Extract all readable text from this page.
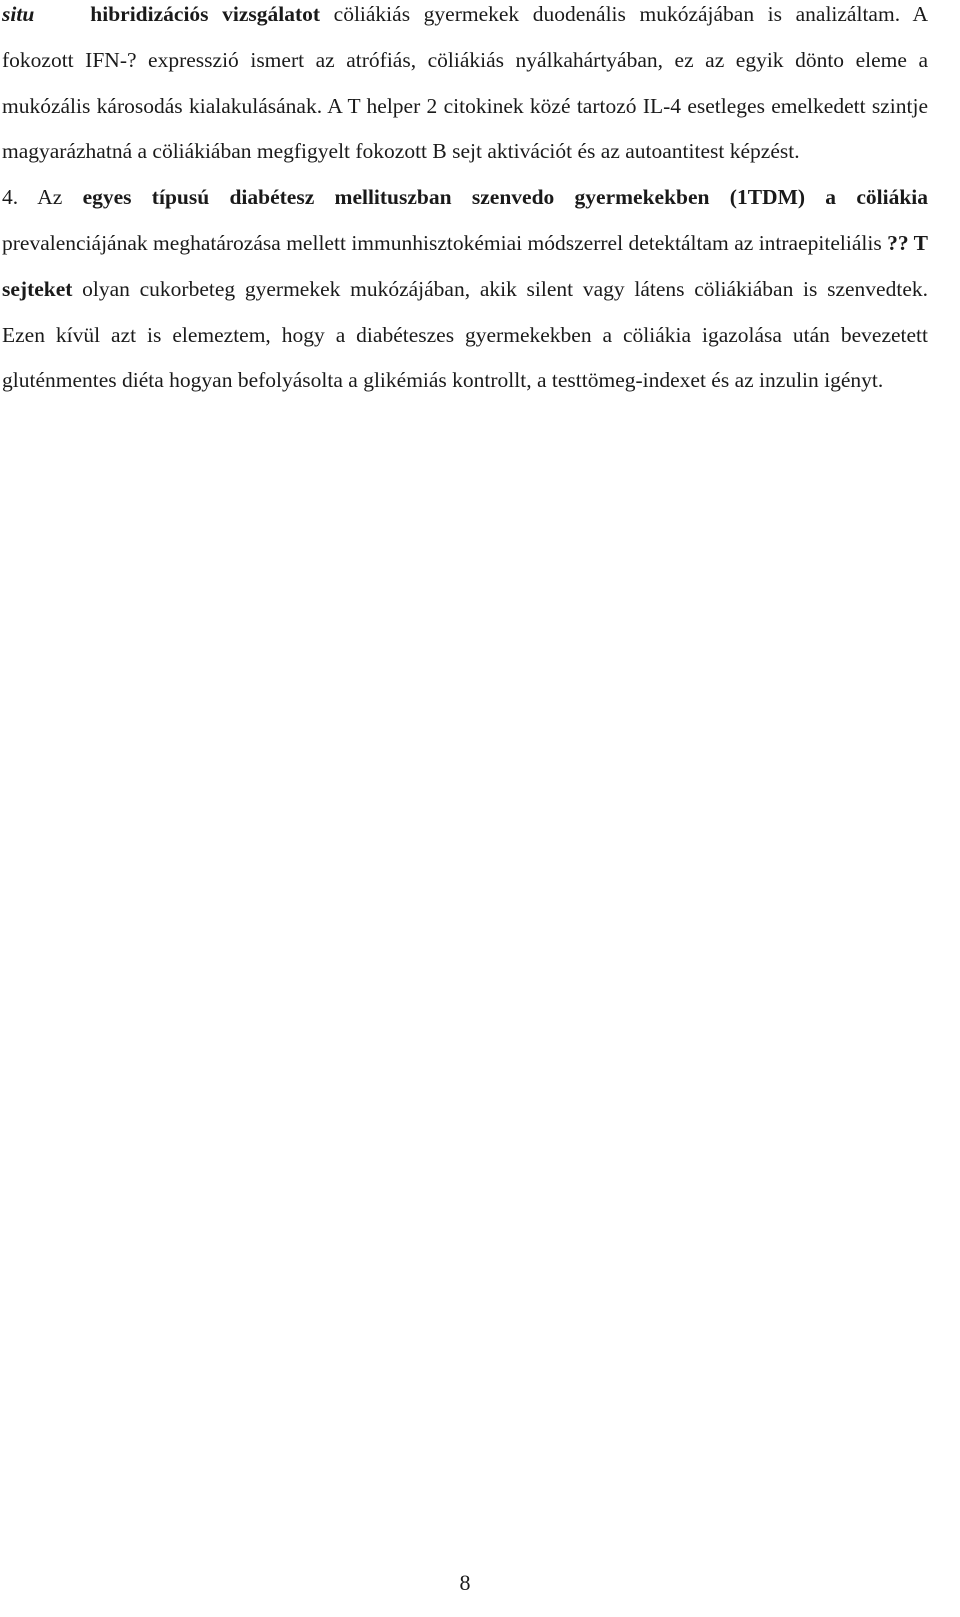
situ	hibridizációs vizsgálatot cöliákiás gyermekek duodenális mukózájában is analizáltam. A fokozott IFN-? expresszió ismert az atrófiás, cöliákiás nyálkahártyában, ez az egyik dönto eleme a mukózális károsodás kialakulásának. A T helper 2 citokinek közé tartozó IL-4 esetleges emelkedett szintje magyarázhatná a cöliákiában megfigyelt fokozott B sejt aktivációt és az autoantitest képzést.

4. Az egyes típusú diabétesz mellituszban szenvedo gyermekekben (1TDM) a cöliákia prevalenciájának meghatározása mellett immunhisztokémiai módszerrel detektáltam az intraepiteliális ?? T sejteket olyan cukorbeteg gyermekek mukózájában, akik silent vagy látens cöliákiában is szenvedtek. Ezen kívül azt is elemeztem, hogy a diabéteszes gyermekekben a cöliákia igazolása után bevezetett gluténmentes diéta hogyan befolyásolta a glikémiás kontrollt, a testtömeg-indexet és az inzulin igényt.

8
